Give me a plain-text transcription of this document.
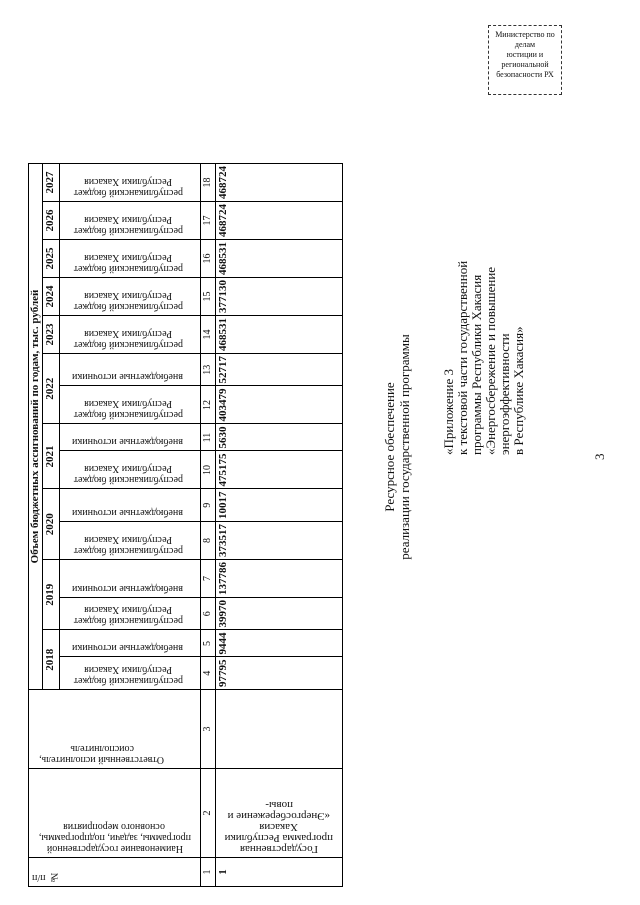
Министерство по делам
юстиции и региональной
безопасности РХ
3
«Приложение 3 к текстовой части государственной программы Республики Хакасия «Энергосбережение и повышение энергоэффективности в Республике Хакасия»
Ресурсное обеспечение реализации государственной программы
№ п/п	Наименование государственной программы, задачи, подпрограммы, основного мероприятия	Ответственный исполнитель, соисполнитель	Объем бюджетных ассигнований по годам, тыс. рублей														
			2018		2019		2020		2021		2022		2023	2024	2025	2026	2027

			республиканский бюджет Республики Хакасия	внебюджетные источники	республиканский бюджет Республики Хакасия	внебюджетные источники	республиканский бюджет Республики Хакасия	внебюджетные источники	республиканский бюджет Республики Хакасия	внебюджетные источники	республиканский бюджет Республики Хакасия	внебюджетные источники	республиканский бюджет Республики Хакасия	республиканский бюджет Республики Хакасия	республиканский бюджет Республики Хакасия	республиканский бюджет Республики Хакасия	республиканский бюджет Республики Хакасия

1	2	3	4	5	6	7	8	9	10	11	12	13	14	15	16	17	18
1	Государственная программа Республики Хакасия «Энергосбережение и повы-		97795	9444	39970	137786	373517	10017	475175	5630	403479	52717	468531	377130	468531	468724	468724
